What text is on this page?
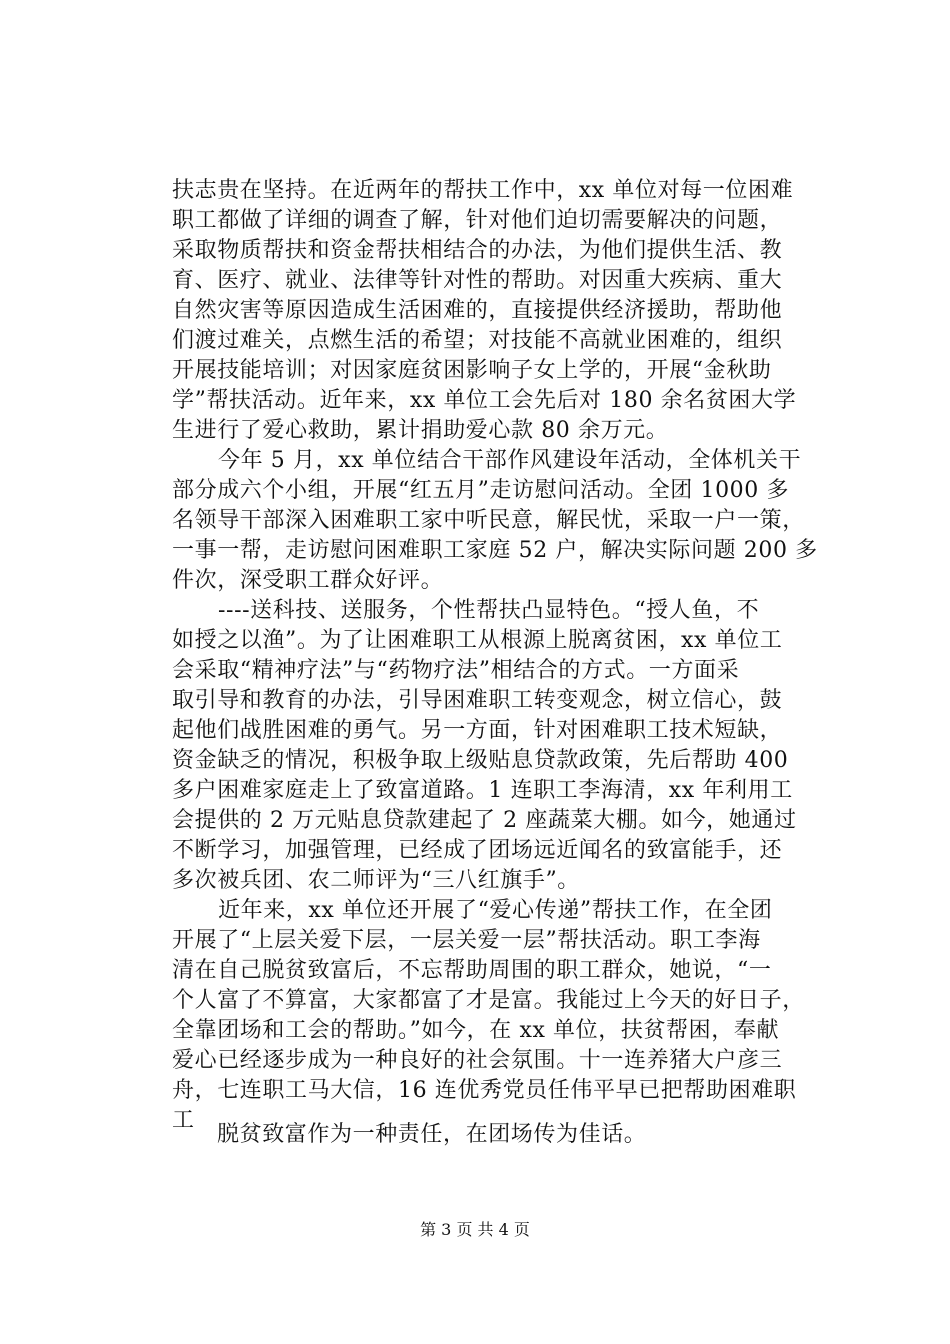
扶志贵在坚持。在近两年的帮扶工作中，xx 单位对每一位困难
职工都做了详细的调查了解，针对他们迫切需要解决的问题，
采取物质帮扶和资金帮扶相结合的办法，为他们提供生活、教
育、医疗、就业、法律等针对性的帮助。对因重大疾病、重大
自然灾害等原因造成生活困难的，直接提供经济援助，帮助他
们渡过难关，点燃生活的希望；对技能不高就业困难的，组织
开展技能培训；对因家庭贫困影响子女上学的，开展“金秋助
学”帮扶活动。近年来，xx 单位工会先后对 180 余名贫困大学
生进行了爱心救助，累计捐助爱心款 80 余万元。
今年 5 月，xx 单位结合干部作风建设年活动，全体机关干
部分成六个小组，开展“红五月”走访慰问活动。全团 1000 多
名领导干部深入困难职工家中听民意，解民忧，采取一户一策，
一事一帮，走访慰问困难职工家庭 52 户，解决实际问题 200 多
件次，深受职工群众好评。
----送科技、送服务，个性帮扶凸显特色。“授人鱼，不
如授之以渔”。为了让困难职工从根源上脱离贫困，xx 单位工
会采取“精神疗法”与“药物疗法”相结合的方式。一方面采
取引导和教育的办法，引导困难职工转变观念，树立信心，鼓
起他们战胜困难的勇气。另一方面，针对困难职工技术短缺，
资金缺乏的情况，积极争取上级贴息贷款政策，先后帮助 400
多户困难家庭走上了致富道路。1 连职工李海清，xx 年利用工
会提供的 2 万元贴息贷款建起了 2 座蔬菜大棚。如今，她通过
不断学习，加强管理，已经成了团场远近闻名的致富能手，还
多次被兵团、农二师评为“三八红旗手”。
近年来，xx 单位还开展了“爱心传递”帮扶工作，在全团
开展了“上层关爱下层，一层关爱一层”帮扶活动。职工李海
清在自己脱贫致富后，不忘帮助周围的职工群众，她说，“一
个人富了不算富，大家都富了才是富。我能过上今天的好日子，
全靠团场和工会的帮助。”如今，在 xx 单位，扶贫帮困，奉献
爱心已经逐步成为一种良好的社会氛围。十一连养猪大户彦三
舟，七连职工马大信，16 连优秀党员任伟平早已把帮助困难职
工
脱贫致富作为一种责任，在团场传为佳话。
第 3 页 共 4 页
